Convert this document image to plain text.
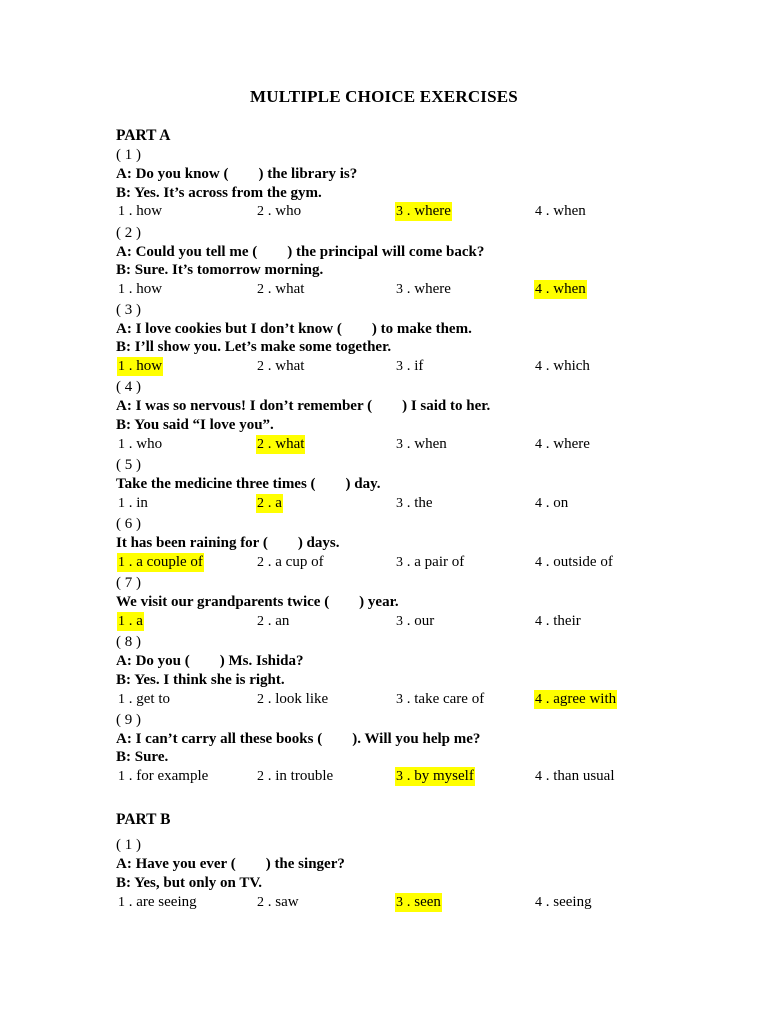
MULTIPLE CHOICE EXERCISES
PART A
( 1 )
A: Do you know (        ) the library is?
B: Yes. It’s across from the gym.
1 . how	2 . who	3 . where	4 . when
( 2 )
A: Could you tell me (        ) the principal will come back?
B: Sure. It’s tomorrow morning.
1 . how	2 . what	3 . where	4 . when
( 3 )
A: I love cookies but I don’t know (        ) to make them.
B: I’ll show you. Let’s make some together.
1 . how	2 . what	3 . if	4 . which
( 4 )
A: I was so nervous! I don’t remember (        ) I said to her.
B: You said “I love you”.
1 . who	2 . what	3 . when	4 . where
( 5 )
Take the medicine three times (        ) day.
1 . in	2 . a	3 . the	4 . on
( 6 )
It has been raining for (        ) days.
1 . a couple of	2 . a cup of	3 . a pair of	4 . outside of
( 7 )
We visit our grandparents twice (        ) year.
1 . a	2 . an	3 . our	4 . their
( 8 )
A: Do you (        ) Ms. Ishida?
B: Yes. I think she is right.
1 . get to	2 . look like	3 . take care of	4 . agree with
( 9 )
A: I can’t carry all these books (        ). Will you help me?
B: Sure.
1 . for example	2 . in trouble	3 . by myself	4 . than usual
PART B
( 1 )
A: Have you ever (        ) the singer?
B: Yes, but only on TV.
1 . are seeing	2 . saw	3 . seen	4 . seeing
